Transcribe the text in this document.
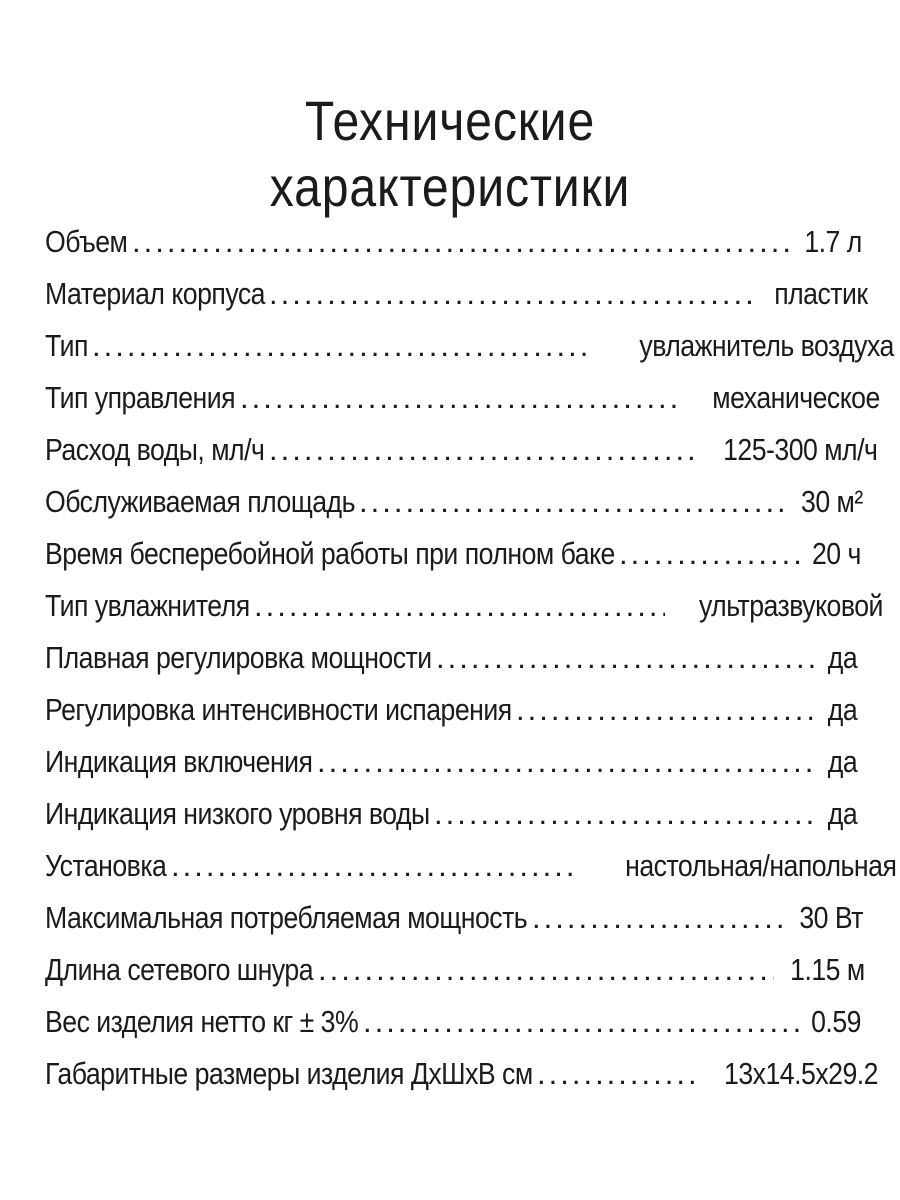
Технические
характеристики
Объем .....	1.7 л
Материал корпуса .....	пластик
Тип .....	увлажнитель воздуха
Тип управления .....	механическое
Расход воды, мл/ч .....	125-300 мл/ч
Обслуживаемая площадь .....	30 м²
Время бесперебойной работы при полном баке .....	20 ч
Тип увлажнителя .....	ультразвуковой
Плавная регулировка мощности .....	да
Регулировка интенсивности испарения .....	да
Индикация включения .....	да
Индикация низкого уровня воды .....	да
Установка .....	настольная/напольная
Максимальная потребляемая мощность .....	30 Вт
Длина сетевого шнура .....	1.15 м
Вес изделия нетто кг ± 3% .....	0.59
Габаритные размеры изделия ДхШхВ см .....	13x14.5x29.2
